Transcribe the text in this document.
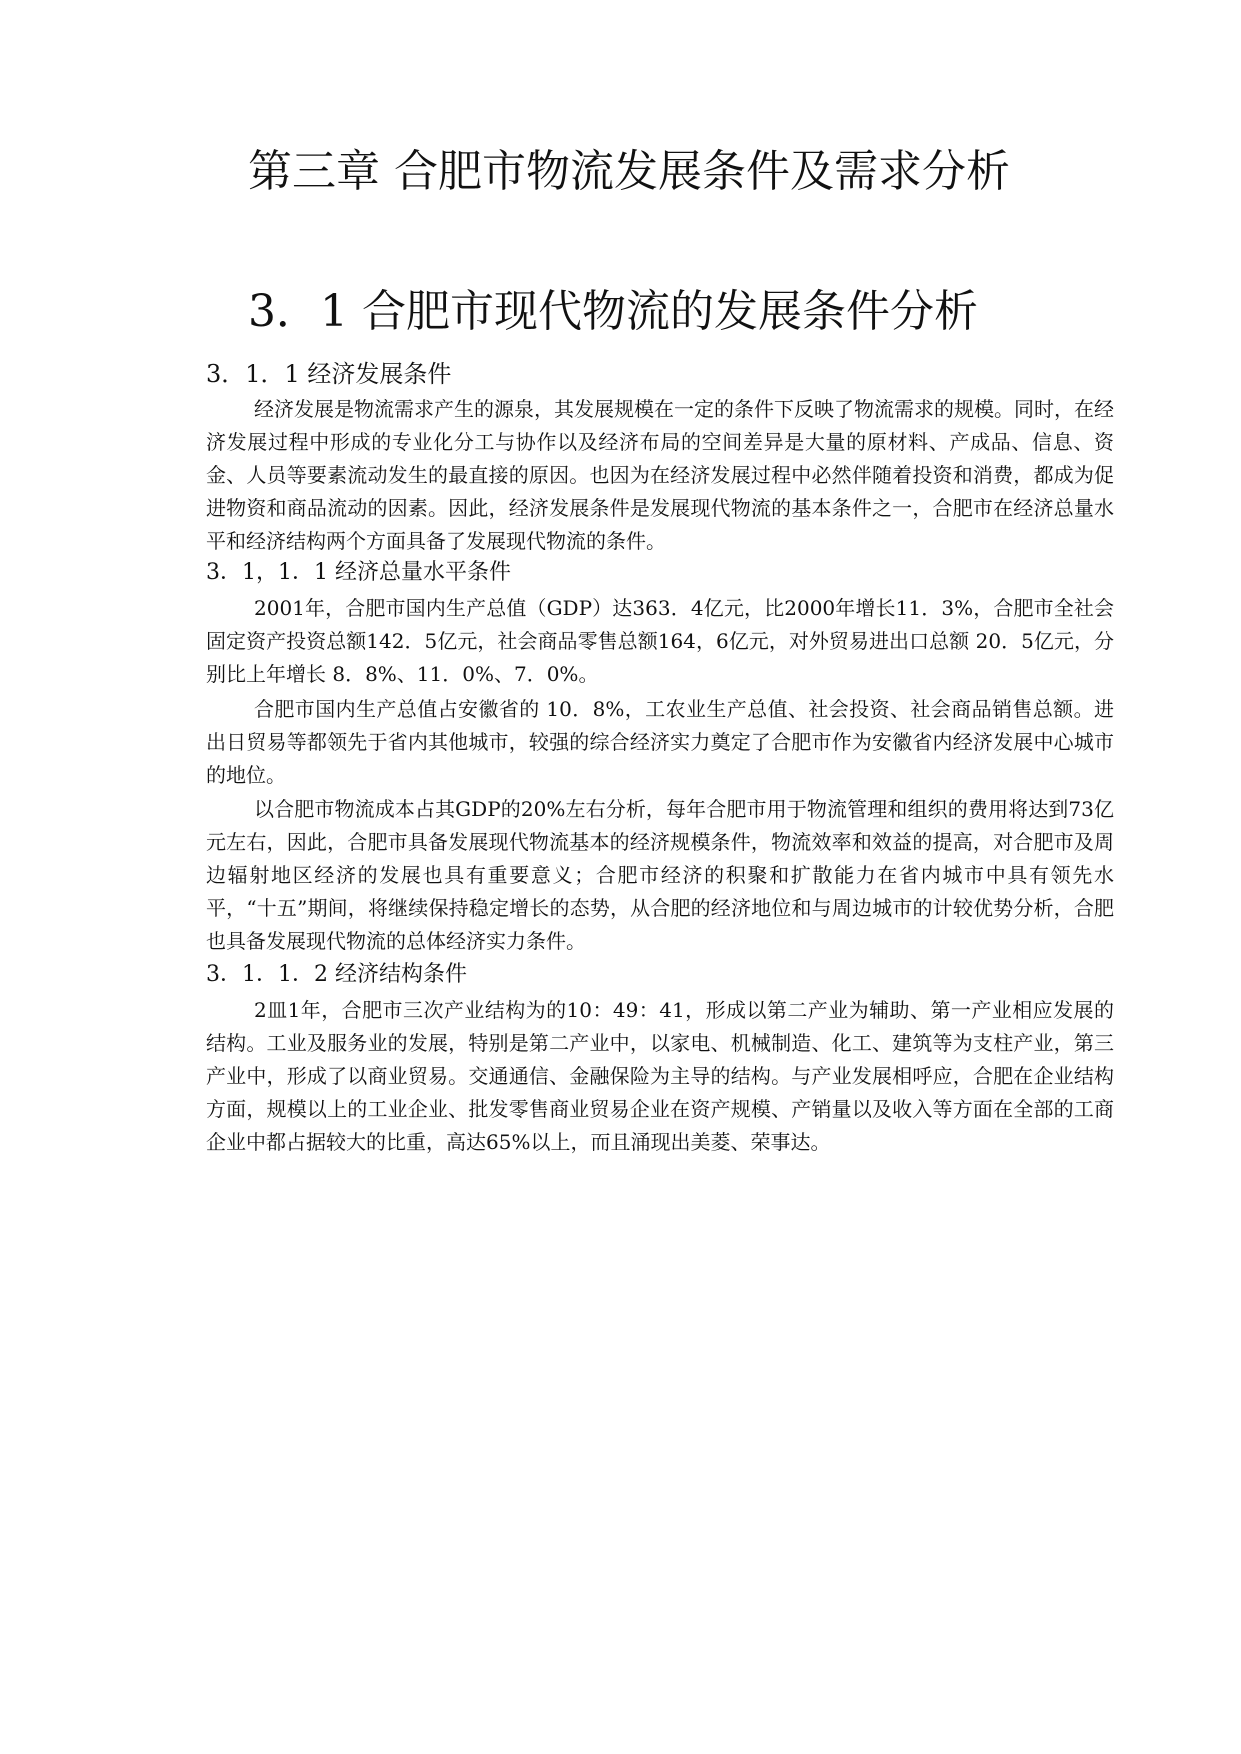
第三章 合肥市物流发展条件及需求分析
3．1 合肥市现代物流的发展条件分析
3．1．1 经济发展条件

经济发展是物流需求产生的源泉，其发展规模在一定的条件下反映了物流需求的规模。同时，在经济发展过程中形成的专业化分工与协作以及经济布局的空间差异是大量的原材料、产成品、信息、资金、人员等要素流动发生的最直接的原因。也因为在经济发展过程中必然伴随着投资和消费，都成为促进物资和商品流动的因素。因此，经济发展条件是发展现代物流的基本条件之一，合肥市在经济总量水平和经济结构两个方面具备了发展现代物流的条件。

3．1，1．1 经济总量水平条件

2001年，合肥市国内生产总值（GDP）达363．4亿元，比2000年增长11．3%，合肥市全社会固定资产投资总额142．5亿元，社会商品零售总额164，6亿元，对外贸易进出口总额 20．5亿元，分别比上年增长 8．8%、11．0%、7．0%。

合肥市国内生产总值占安徽省的 10．8%，工农业生产总值、社会投资、社会商品销售总额。进出日贸易等都领先于省内其他城市，较强的综合经济实力奠定了合肥市作为安徽省内经济发展中心城市的地位。

以合肥市物流成本占其GDP的20%左右分析，每年合肥市用于物流管理和组织的费用将达到73亿元左右，因此，合肥市具备发展现代物流基本的经济规模条件，物流效率和效益的提高，对合肥市及周边辐射地区经济的发展也具有重要意义；合肥市经济的积聚和扩散能力在省内城市中具有领先水平，“十五”期间，将继续保持稳定增长的态势，从合肥的经济地位和与周边城市的计较优势分析，合肥也具备发展现代物流的总体经济实力条件。

3．1．1．2 经济结构条件

2皿1年，合肥市三次产业结构为的10：49：41，形成以第二产业为辅助、第一产业相应发展的结构。工业及服务业的发展，特别是第二产业中，以家电、机械制造、化工、建筑等为支柱产业，第三产业中，形成了以商业贸易。交通通信、金融保险为主导的结构。与产业发展相呼应，合肥在企业结构方面，规模以上的工业企业、批发零售商业贸易企业在资产规模、产销量以及收入等方面在全部的工商企业中都占据较大的比重，高达65%以上，而且涌现出美菱、荣事达。
